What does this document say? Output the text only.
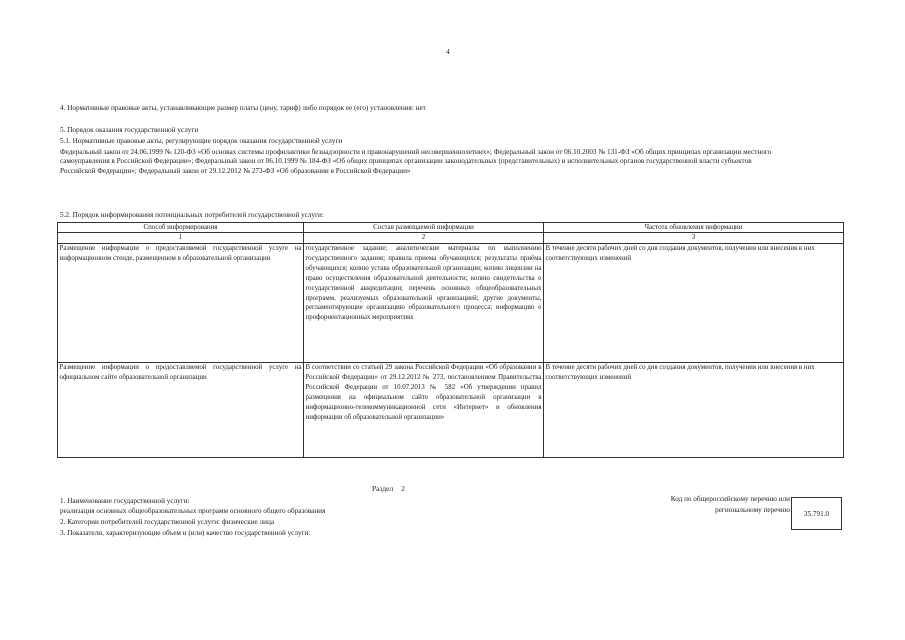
4
4. Нормативные правовые акты, устанавливающие размер платы (цену, тариф) либо порядок ее (его) установления: нет
5. Порядок оказания государственной услуги
5.1. Нормативные правовые акты, регулирующие порядок оказания государственной услуги
Федеральный закон от 24.06.1999 № 120-ФЗ «Об основах системы профилактики безнадзорности и правонарушений несовершеннолетних»; Федеральный закон от 06.10.2003 № 131-ФЗ «Об общих принципах организации местного самоуправления в Российской Федерации»; Федеральный закон от 06.10.1999 № 184-ФЗ «Об общих принципах организации законодательных (представительных) и исполнительных органов государственной власти субъектов Российской Федерации»; Федеральный закон от 29.12.2012 № 273-ФЗ «Об образовании в Российской Федерации»
5.2. Порядок информирования потенциальных потребителей государственной услуги:
Способ информирования	Состав размещаемой информации	Частота обновления информации
1	2	3
Размещение информации о предоставляемой государственной услуге на информационном стенде, размещенном в образовательной организации	государственное задание; аналитические материалы по выполнению государственного задания; правила приема обучающихся; результаты приёма обучающихся; копию устава образовательной организации; копию лицензии на право осуществления образовательной деятельности; копию свидетельства о государственной аккредитации; перечень основных общеобразовательных программ, реализуемых образовательной организацией; другие документы, регламентирующие организацию образовательного процесса; информацию о профориентационных мероприятиях	В течение десяти рабочих дней со дня создания документов, получения или внесения в них соответствующих изменений
Размещение информации о предоставляемой государственной услуге на официальном сайте образовательной организации	В соответствии со статьей 29 закона Российской Федерации «Об образовании в Российской Федерации» от 29.12.2012 № 273, постановлением Правительства Российской Федерации от 10.07.2013 № 582 «Об утверждении правил размещения на официальном сайте образовательной организации в информационно-телекоммуникационной сети «Интернет» и обновления информации об образовательной организации»	В течение десяти рабочих дней со дня создания документов, получения или внесения в них соответствующих изменений
Раздел 2
1. Наименование государственной услуги:
реализация основных общеобразовательных программ основного общего образования
2. Категории потребителей государственной услуги: физические лица
3. Показатели, характеризующие объем и (или) качество государственной услуги:
Код по общероссийскому перечню или региональному перечню	35.791.0
